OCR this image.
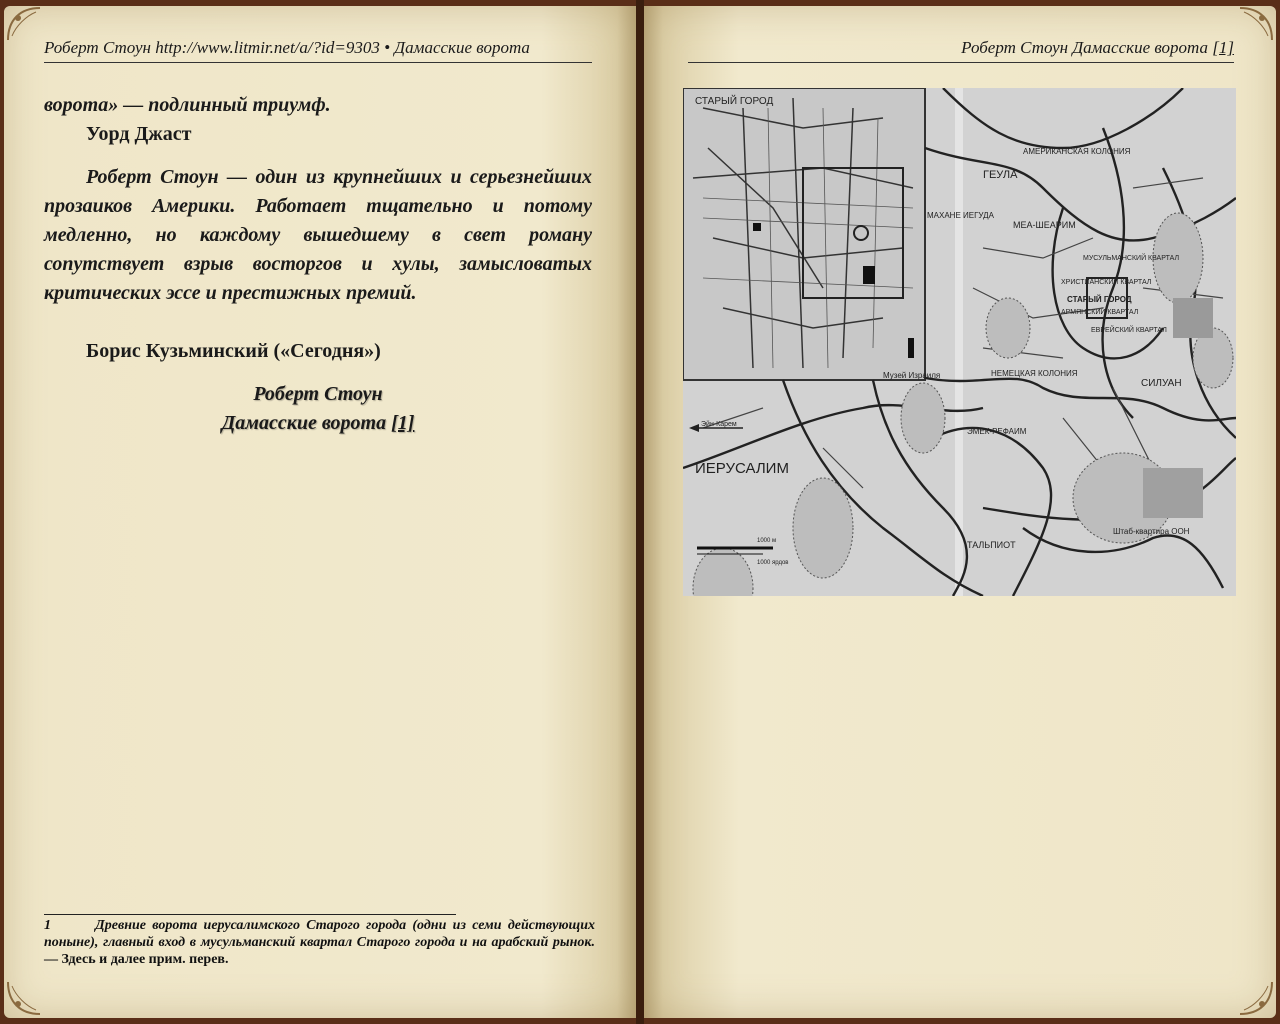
Роберт Стоун http://www.litmir.net/a/?id=9303 • Дамасские ворота
ворота» — подлинный триумф.
Уорд Джаст
Роберт Стоун — один из крупнейших и серьезнейших прозаиков Америки. Работает тщательно и потому медленно, но каждому вышедшему в свет роману сопутствует взрыв восторгов и хулы, замысловатых критических эссе и престижных премий.
Борис Кузьминский («Сегодня»)
Роберт Стоун
Дамасские ворота [1]
1	Древние ворота иерусалимского Старого города (одни из семи действующих поныне), главный вход в мусульманский квартал Старого города и на арабский рынок. — Здесь и далее прим. перев.
Роберт Стоун Дамасские ворота [1]
СТАРЫЙ ГОРОД
ИЕРУСАЛИМ
ГЕУЛА
АМЕРИКАНСКАЯ КОЛОНИЯ
МЕА-ШЕАРИМ
МАХАНЕ ИЕГУДА
НЕМЕЦКАЯ КОЛОНИЯ
ЭМЕК-РЕФАИМ
ТАЛЬПИОТ
СИЛУАН
СТАРЫЙ ГОРОД
МУСУЛЬМАНСКИЙ КВАРТАЛ
ХРИСТИАНСКИЙ КВАРТАЛ
АРМЯНСКИЙ КВАРТАЛ
ЕВРЕЙСКИЙ КВАРТАЛ
Музей Израиля
Штаб-квартира ООН
Эйн-Карем
1000 м
1000 ярдов
